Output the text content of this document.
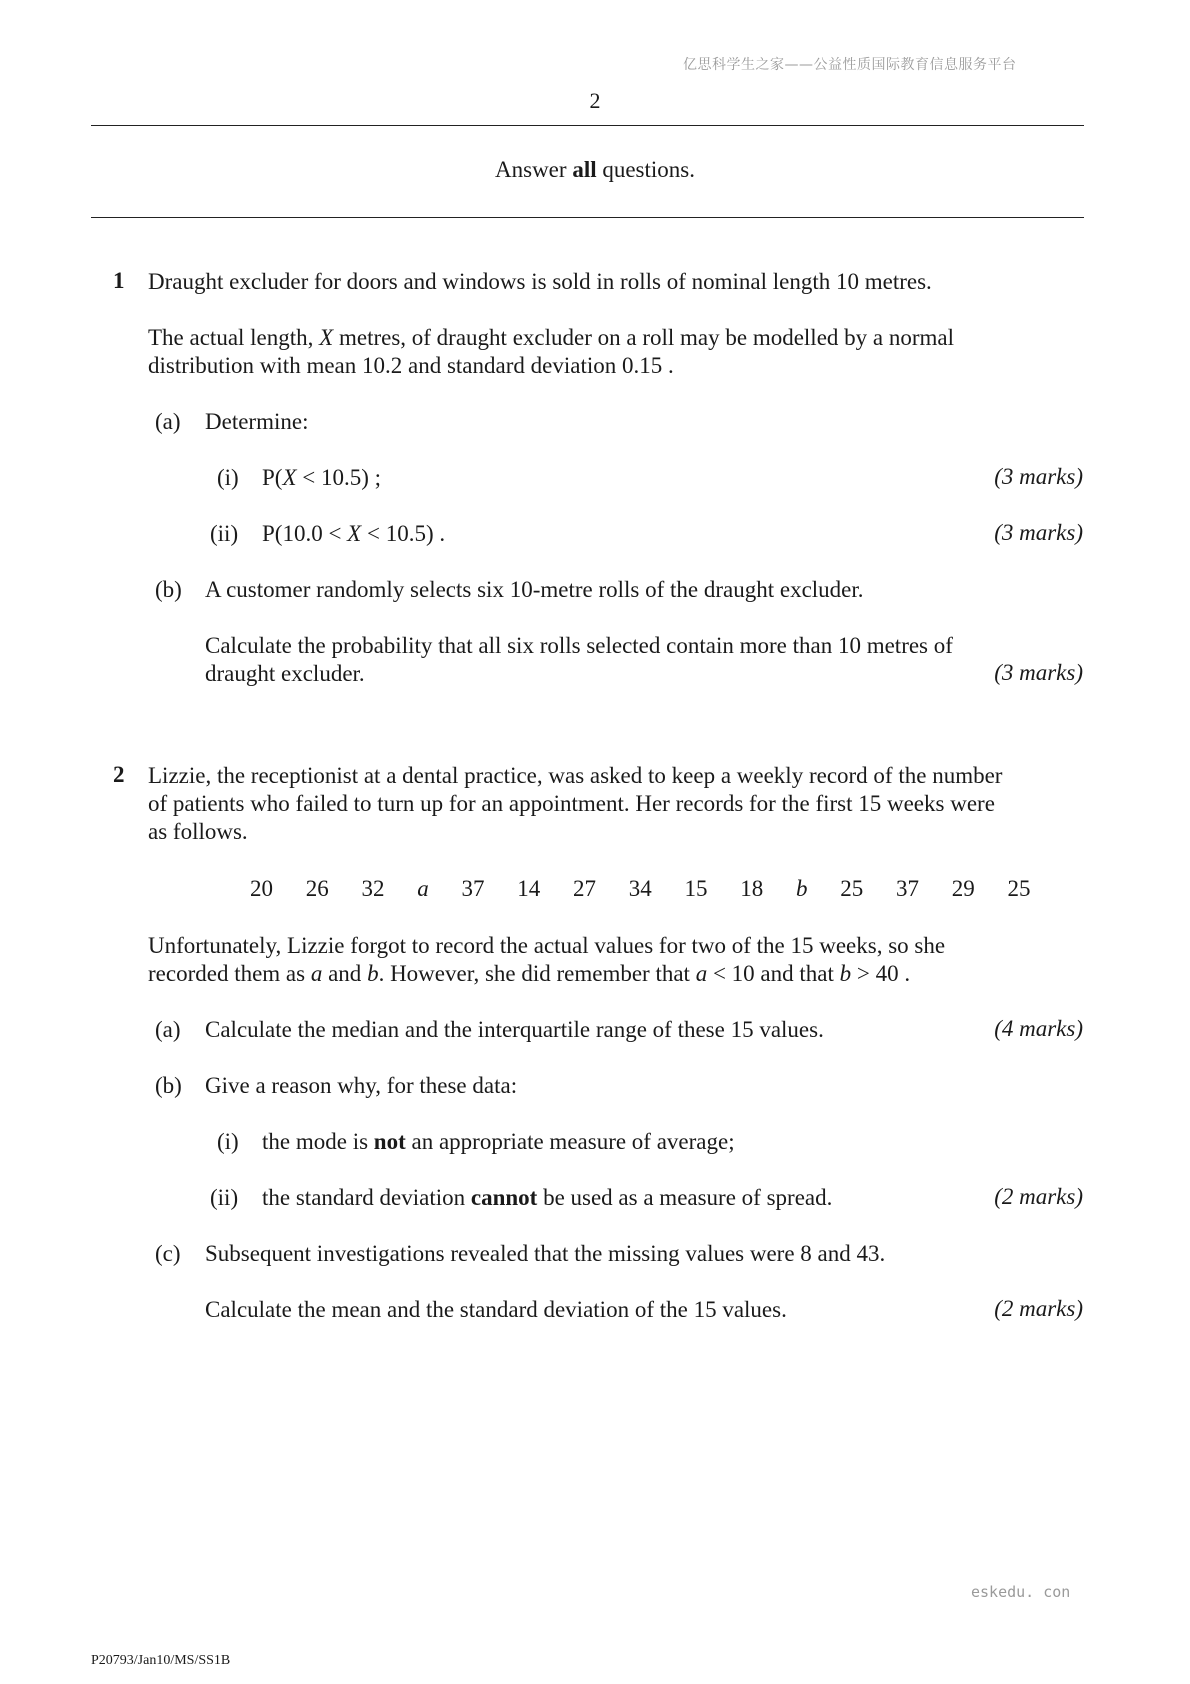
亿思科学生之家——公益性质国际教育信息服务平台
2
Answer all questions.
1 Draught excluder for doors and windows is sold in rolls of nominal length 10 metres.
The actual length, X metres, of draught excluder on a roll may be modelled by a normal
distribution with mean 10.2 and standard deviation 0.15 .
(a) Determine:
(i) P(X < 10.5) ;	(3 marks)
(ii) P(10.0 < X < 10.5) .	(3 marks)
(b) A customer randomly selects six 10-metre rolls of the draught excluder.
Calculate the probability that all six rolls selected contain more than 10 metres of
draught excluder.	(3 marks)
2 Lizzie, the receptionist at a dental practice, was asked to keep a weekly record of the number
of patients who failed to turn up for an appointment. Her records for the first 15 weeks were
as follows.
20 26 32 a 37 14 27 34 15 18 b 25 37 29 25
Unfortunately, Lizzie forgot to record the actual values for two of the 15 weeks, so she
recorded them as a and b. However, she did remember that a < 10 and that b > 40 .
(a) Calculate the median and the interquartile range of these 15 values.	(4 marks)
(b) Give a reason why, for these data:
(i) the mode is not an appropriate measure of average;
(ii) the standard deviation cannot be used as a measure of spread.	(2 marks)
(c) Subsequent investigations revealed that the missing values were 8 and 43.
Calculate the mean and the standard deviation of the 15 values.	(2 marks)
eskedu. con
P20793/Jan10/MS/SS1B
